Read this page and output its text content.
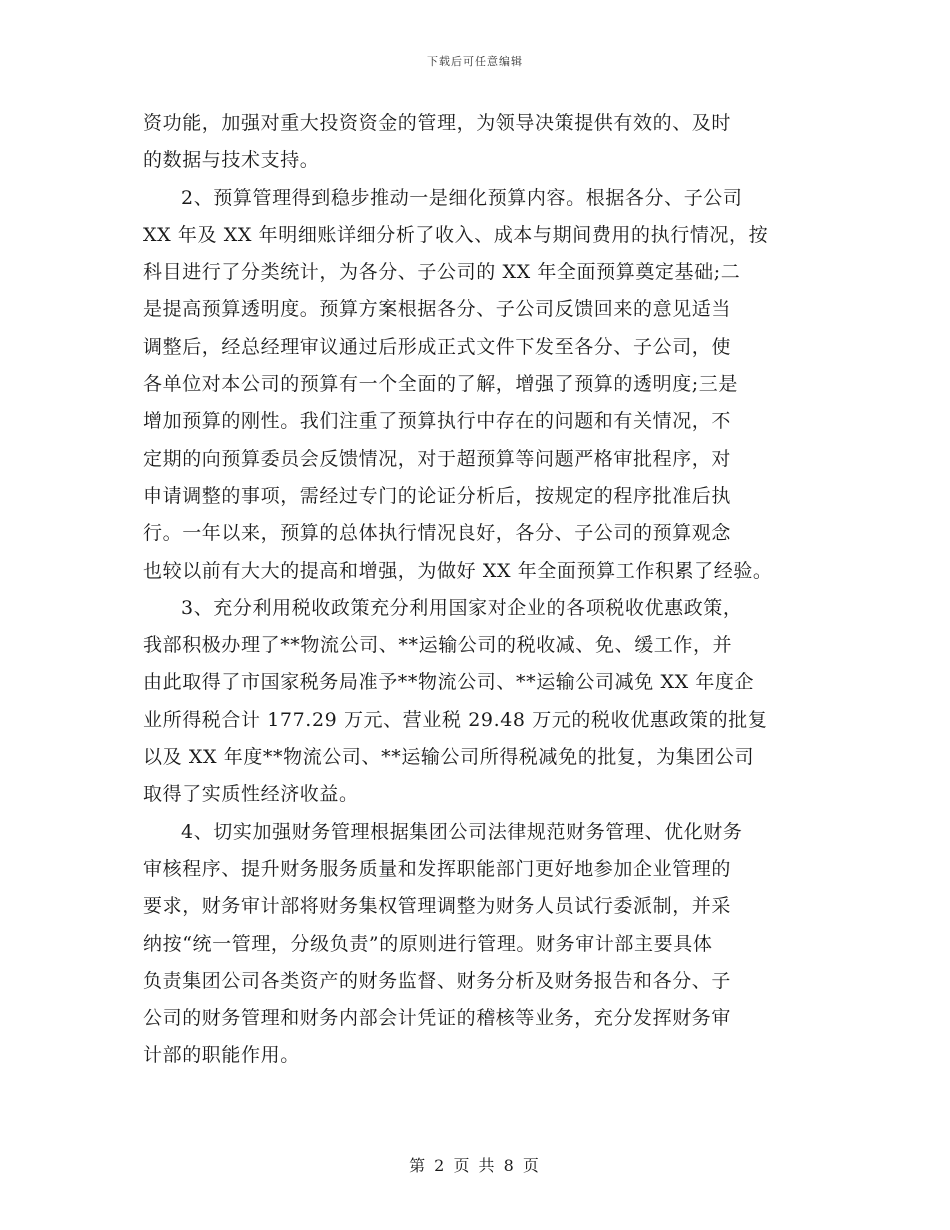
下载后可任意编辑
资功能，加强对重大投资资金的管理，为领导决策提供有效的、及时
的数据与技术支持。
2、预算管理得到稳步推动一是细化预算内容。根据各分、子公司
XX 年及 XX 年明细账详细分析了收入、成本与期间费用的执行情况，按
科目进行了分类统计，为各分、子公司的 XX 年全面预算奠定基础;二
是提高预算透明度。预算方案根据各分、子公司反馈回来的意见适当
调整后，经总经理审议通过后形成正式文件下发至各分、子公司，使
各单位对本公司的预算有一个全面的了解，增强了预算的透明度;三是
增加预算的刚性。我们注重了预算执行中存在的问题和有关情况，不
定期的向预算委员会反馈情况，对于超预算等问题严格审批程序，对
申请调整的事项，需经过专门的论证分析后，按规定的程序批准后执
行。一年以来，预算的总体执行情况良好，各分、子公司的预算观念
也较以前有大大的提高和增强，为做好 XX 年全面预算工作积累了经验。
3、充分利用税收政策充分利用国家对企业的各项税收优惠政策，
我部积极办理了**物流公司、**运输公司的税收减、免、缓工作，并
由此取得了市国家税务局准予**物流公司、**运输公司减免 XX 年度企
业所得税合计 177.29 万元、营业税 29.48 万元的税收优惠政策的批复
以及 XX 年度**物流公司、**运输公司所得税减免的批复，为集团公司
取得了实质性经济收益。
4、切实加强财务管理根据集团公司法律规范财务管理、优化财务
审核程序、提升财务服务质量和发挥职能部门更好地参加企业管理的
要求，财务审计部将财务集权管理调整为财务人员试行委派制，并采
纳按“统一管理，分级负责”的原则进行管理。财务审计部主要具体
负责集团公司各类资产的财务监督、财务分析及财务报告和各分、子
公司的财务管理和财务内部会计凭证的稽核等业务，充分发挥财务审
计部的职能作用。
第 2 页 共 8 页
